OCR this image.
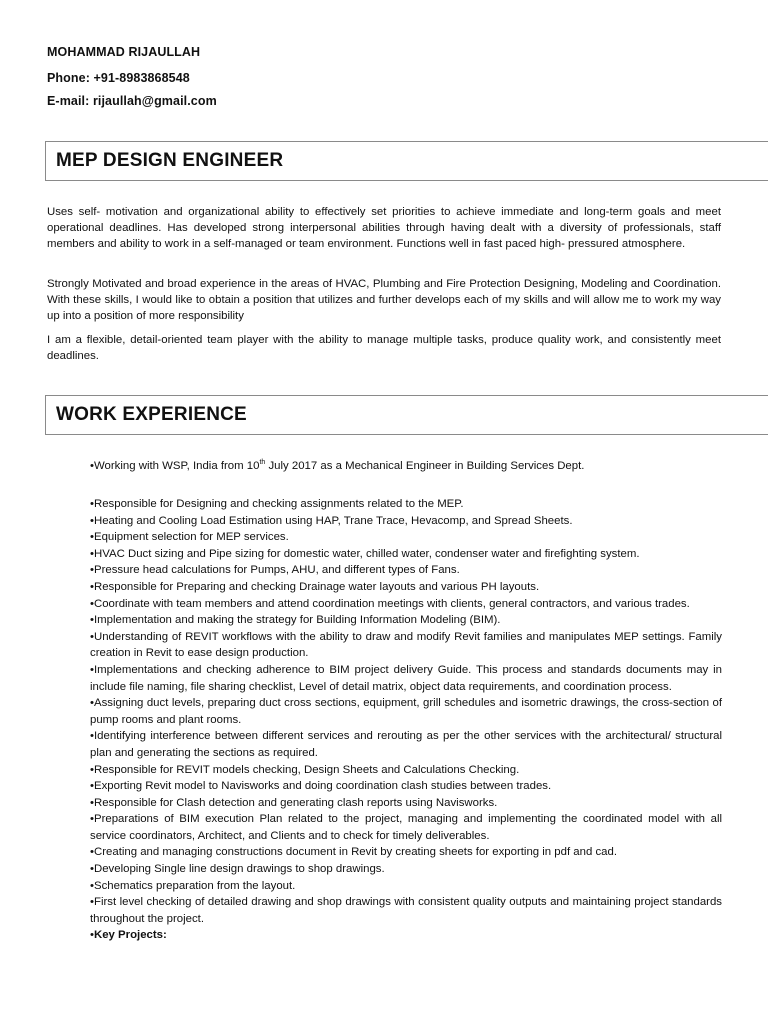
MOHAMMAD RIJAULLAH
Phone: +91-8983868548
E-mail: rijaullah@gmail.com
MEP DESIGN ENGINEER
Uses self- motivation and organizational ability to effectively set priorities to achieve immediate and long-term goals and meet operational deadlines. Has developed strong interpersonal abilities through having dealt with a diversity of professionals, staff members and ability to work in a self-managed or team environment. Functions well in fast paced high- pressured atmosphere.
Strongly Motivated and broad experience in the areas of HVAC, Plumbing and Fire Protection Designing, Modeling and Coordination. With these skills, I would like to obtain a position that utilizes and further develops each of my skills and will allow me to work my way up into a position of more responsibility
I am a flexible, detail-oriented team player with the ability to manage multiple tasks, produce quality work, and consistently meet deadlines.
WORK EXPERIENCE
•Working with WSP, India from 10th July 2017 as a Mechanical Engineer in Building Services Dept.
•Responsible for Designing and checking assignments related to the MEP.
•Heating and Cooling Load Estimation using HAP, Trane Trace, Hevacomp, and Spread Sheets.
•Equipment selection for MEP services.
•HVAC Duct sizing and Pipe sizing for domestic water, chilled water, condenser water and firefighting system.
•Pressure head calculations for Pumps, AHU, and different types of Fans.
•Responsible for Preparing and checking Drainage water layouts and various PH layouts.
•Coordinate with team members and attend coordination meetings with clients, general contractors, and various trades.
•Implementation and making the strategy for Building Information Modeling (BIM).
•Understanding of REVIT workflows with the ability to draw and modify Revit families and manipulates MEP settings. Family creation in Revit to ease design production.
•Implementations and checking adherence to BIM project delivery Guide. This process and standards documents may in include file naming, file sharing checklist, Level of detail matrix, object data requirements, and coordination process.
•Assigning duct levels, preparing duct cross sections, equipment, grill schedules and isometric drawings, the cross-section of pump rooms and plant rooms.
•Identifying interference between different services and rerouting as per the other services with the architectural/ structural plan and generating the sections as required.
•Responsible for REVIT models checking, Design Sheets and Calculations Checking.
•Exporting Revit model to Navisworks and doing coordination clash studies between trades.
•Responsible for Clash detection and generating clash reports using Navisworks.
•Preparations of BIM execution Plan related to the project, managing and implementing the coordinated model with all service coordinators, Architect, and Clients and to check for timely deliverables.
•Creating and managing constructions document in Revit by creating sheets for exporting in pdf and cad.
•Developing Single line design drawings to shop drawings.
•Schematics preparation from the layout.
•First level checking of detailed drawing and shop drawings with consistent quality outputs and maintaining project standards throughout the project.
•Key Projects:
